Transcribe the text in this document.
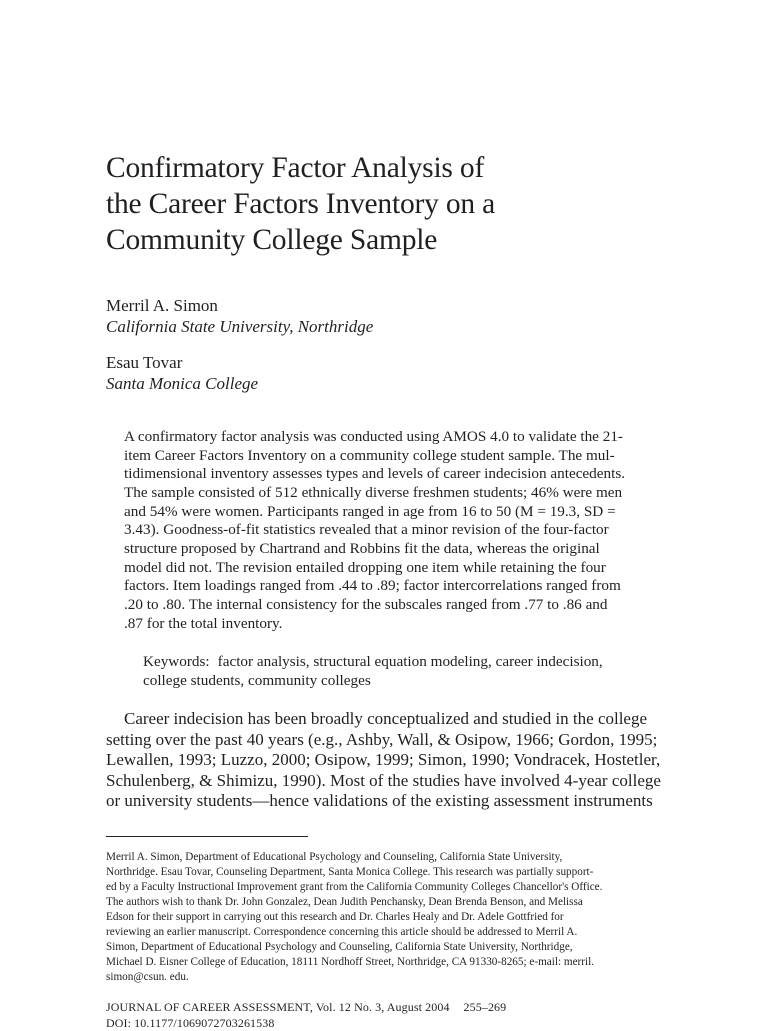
Confirmatory Factor Analysis of
the Career Factors Inventory on a
Community College Sample
Merril A. Simon
California State University, Northridge
Esau Tovar
Santa Monica College
A confirmatory factor analysis was conducted using AMOS 4.0 to validate the 21-
item Career Factors Inventory on a community college student sample. The mul-
tidimensional inventory assesses types and levels of career indecision antecedents.
The sample consisted of 512 ethnically diverse freshmen students; 46% were men
and 54% were women. Participants ranged in age from 16 to 50 (M = 19.3, SD =
3.43). Goodness-of-fit statistics revealed that a minor revision of the four-factor
structure proposed by Chartrand and Robbins fit the data, whereas the original
model did not. The revision entailed dropping one item while retaining the four
factors. Item loadings ranged from .44 to .89; factor intercorrelations ranged from
.20 to .80. The internal consistency for the subscales ranged from .77 to .86 and
.87 for the total inventory.
Keywords: factor analysis, structural equation modeling, career indecision,
college students, community colleges
Career indecision has been broadly conceptualized and studied in the college
setting over the past 40 years (e.g., Ashby, Wall, & Osipow, 1966; Gordon, 1995;
Lewallen, 1993; Luzzo, 2000; Osipow, 1999; Simon, 1990; Vondracek, Hostetler,
Schulenberg, & Shimizu, 1990). Most of the studies have involved 4-year college
or university students—hence validations of the existing assessment instruments
Merril A. Simon, Department of Educational Psychology and Counseling, California State University,
Northridge. Esau Tovar, Counseling Department, Santa Monica College. This research was partially support-
ed by a Faculty Instructional Improvement grant from the California Community Colleges Chancellor's Office.
The authors wish to thank Dr. John Gonzalez, Dean Judith Penchansky, Dean Brenda Benson, and Melissa
Edson for their support in carrying out this research and Dr. Charles Healy and Dr. Adele Gottfried for
reviewing an earlier manuscript. Correspondence concerning this article should be addressed to Merril A.
Simon, Department of Educational Psychology and Counseling, California State University, Northridge,
Michael D. Eisner College of Education, 18111 Nordhoff Street, Northridge, CA 91330-8265; e-mail: merril.
simon@csun. edu.
JOURNAL OF CAREER ASSESSMENT, Vol. 12 No. 3, August 2004 255–269
DOI: 10.1177/1069072703261538
